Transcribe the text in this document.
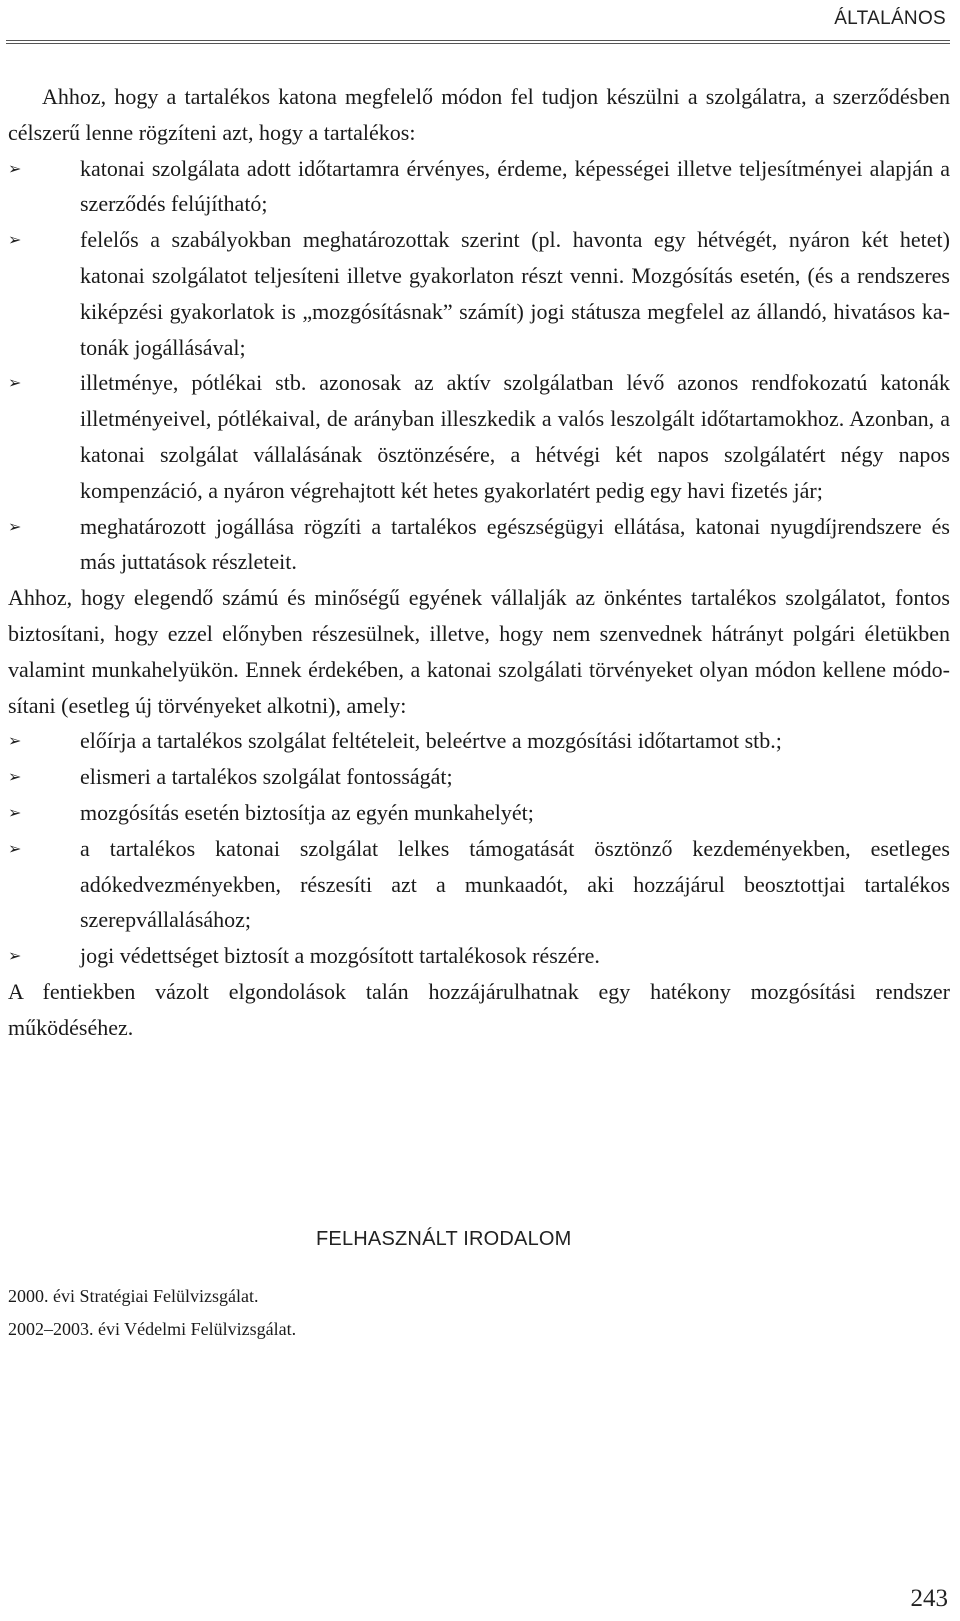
ÁLTALÁNOS

Ahhoz, hogy a tartalékos katona megfelelő módon fel tudjon készülni a szolgálatra, a szerződésben célszerű lenne rögzíteni azt, hogy a tartalékos:

➢	katonai szolgálata adott időtartamra érvényes, érdeme, képességei illetve teljesítményei alapján a szerződés felújítható;
➢	felelős a szabályokban meghatározottak szerint (pl. havonta egy hétvégét, nyáron két hetet) katonai szolgálatot teljesíteni illetve gyakorlaton részt venni. Mozgósítás esetén, (és a rendszeres kiképzési gyakorlatok is „mozgósításnak” számít) jogi státusza megfelel az állandó, hivatásos katonák jogállásával;
➢	illetménye, pótlékai stb. azonosak az aktív szolgálatban lévő azonos rendfokozatú katonák illetményeivel, pótlékaival, de arányban illeszkedik a valós leszolgált időtartamokhoz. Azonban, a katonai szolgálat vállalásának ösztönzésére, a hétvégi két napos szolgálatért négy napos kompenzáció, a nyáron végrehajtott két hetes gyakorlatért pedig egy havi fizetés jár;
➢	meghatározott jogállása rögzíti a tartalékos egészségügyi ellátása, katonai nyugdíjrendszere és más juttatások részleteit.

Ahhoz, hogy elegendő számú és minőségű egyének vállalják az önkéntes tartalékos szolgálatot, fontos biztosítani, hogy ezzel előnyben részesülnek, illetve, hogy nem szenvednek hátrányt polgári életükben valamint munkahelyükön. Ennek érdekében, a katonai szolgálati törvényeket olyan módon kellene módosítani (esetleg új törvényeket alkotni), amely:

➢	előírja a tartalékos szolgálat feltételeit, beleértve a mozgósítási időtartamot stb.;
➢	elismeri a tartalékos szolgálat fontosságát;
➢	mozgósítás esetén biztosítja az egyén munkahelyét;
➢	a tartalékos katonai szolgálat lelkes támogatását ösztönző kezdeményekben, esetleges adókedvezményekben, részesíti azt a munkaadót, aki hozzájárul beosztottjai tartalékos szerepvállalásához;
➢	jogi védettséget biztosít a mozgósított tartalékosok részére.

A fentiekben vázolt elgondolások talán hozzájárulhatnak egy hatékony mozgósítási rendszer működéséhez.

FELHASZNÁLT IRODALOM
2000. évi Stratégiai Felülvizsgálat.
2002–2003. évi Védelmi Felülvizsgálat.
243
